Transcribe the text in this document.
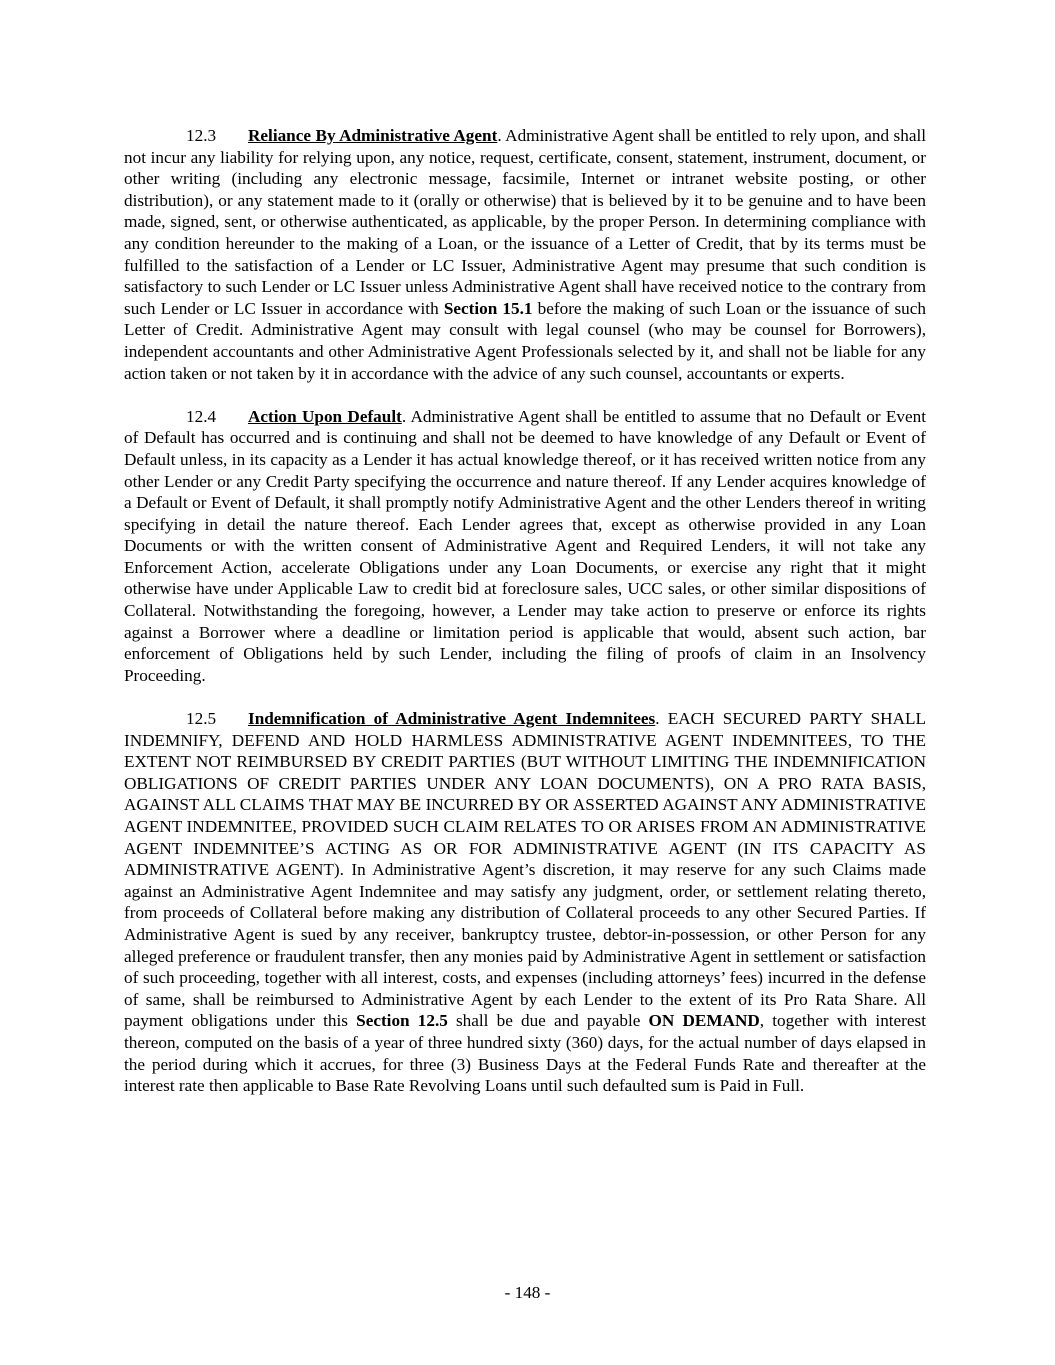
12.3 Reliance By Administrative Agent. Administrative Agent shall be entitled to rely upon, and shall not incur any liability for relying upon, any notice, request, certificate, consent, statement, instrument, document, or other writing (including any electronic message, facsimile, Internet or intranet website posting, or other distribution), or any statement made to it (orally or otherwise) that is believed by it to be genuine and to have been made, signed, sent, or otherwise authenticated, as applicable, by the proper Person. In determining compliance with any condition hereunder to the making of a Loan, or the issuance of a Letter of Credit, that by its terms must be fulfilled to the satisfaction of a Lender or LC Issuer, Administrative Agent may presume that such condition is satisfactory to such Lender or LC Issuer unless Administrative Agent shall have received notice to the contrary from such Lender or LC Issuer in accordance with Section 15.1 before the making of such Loan or the issuance of such Letter of Credit. Administrative Agent may consult with legal counsel (who may be counsel for Borrowers), independent accountants and other Administrative Agent Professionals selected by it, and shall not be liable for any action taken or not taken by it in accordance with the advice of any such counsel, accountants or experts.

12.4 Action Upon Default. Administrative Agent shall be entitled to assume that no Default or Event of Default has occurred and is continuing and shall not be deemed to have knowledge of any Default or Event of Default unless, in its capacity as a Lender it has actual knowledge thereof, or it has received written notice from any other Lender or any Credit Party specifying the occurrence and nature thereof. If any Lender acquires knowledge of a Default or Event of Default, it shall promptly notify Administrative Agent and the other Lenders thereof in writing specifying in detail the nature thereof. Each Lender agrees that, except as otherwise provided in any Loan Documents or with the written consent of Administrative Agent and Required Lenders, it will not take any Enforcement Action, accelerate Obligations under any Loan Documents, or exercise any right that it might otherwise have under Applicable Law to credit bid at foreclosure sales, UCC sales, or other similar dispositions of Collateral. Notwithstanding the foregoing, however, a Lender may take action to preserve or enforce its rights against a Borrower where a deadline or limitation period is applicable that would, absent such action, bar enforcement of Obligations held by such Lender, including the filing of proofs of claim in an Insolvency Proceeding.

12.5 Indemnification of Administrative Agent Indemnitees. EACH SECURED PARTY SHALL INDEMNIFY, DEFEND AND HOLD HARMLESS ADMINISTRATIVE AGENT INDEMNITEES, TO THE EXTENT NOT REIMBURSED BY CREDIT PARTIES (BUT WITHOUT LIMITING THE INDEMNIFICATION OBLIGATIONS OF CREDIT PARTIES UNDER ANY LOAN DOCUMENTS), ON A PRO RATA BASIS, AGAINST ALL CLAIMS THAT MAY BE INCURRED BY OR ASSERTED AGAINST ANY ADMINISTRATIVE AGENT INDEMNITEE, PROVIDED SUCH CLAIM RELATES TO OR ARISES FROM AN ADMINISTRATIVE AGENT INDEMNITEE’S ACTING AS OR FOR ADMINISTRATIVE AGENT (IN ITS CAPACITY AS ADMINISTRATIVE AGENT). In Administrative Agent’s discretion, it may reserve for any such Claims made against an Administrative Agent Indemnitee and may satisfy any judgment, order, or settlement relating thereto, from proceeds of Collateral before making any distribution of Collateral proceeds to any other Secured Parties. If Administrative Agent is sued by any receiver, bankruptcy trustee, debtor-in-possession, or other Person for any alleged preference or fraudulent transfer, then any monies paid by Administrative Agent in settlement or satisfaction of such proceeding, together with all interest, costs, and expenses (including attorneys’ fees) incurred in the defense of same, shall be reimbursed to Administrative Agent by each Lender to the extent of its Pro Rata Share. All payment obligations under this Section 12.5 shall be due and payable ON DEMAND, together with interest thereon, computed on the basis of a year of three hundred sixty (360) days, for the actual number of days elapsed in the period during which it accrues, for three (3) Business Days at the Federal Funds Rate and thereafter at the interest rate then applicable to Base Rate Revolving Loans until such defaulted sum is Paid in Full.

- 148 -
